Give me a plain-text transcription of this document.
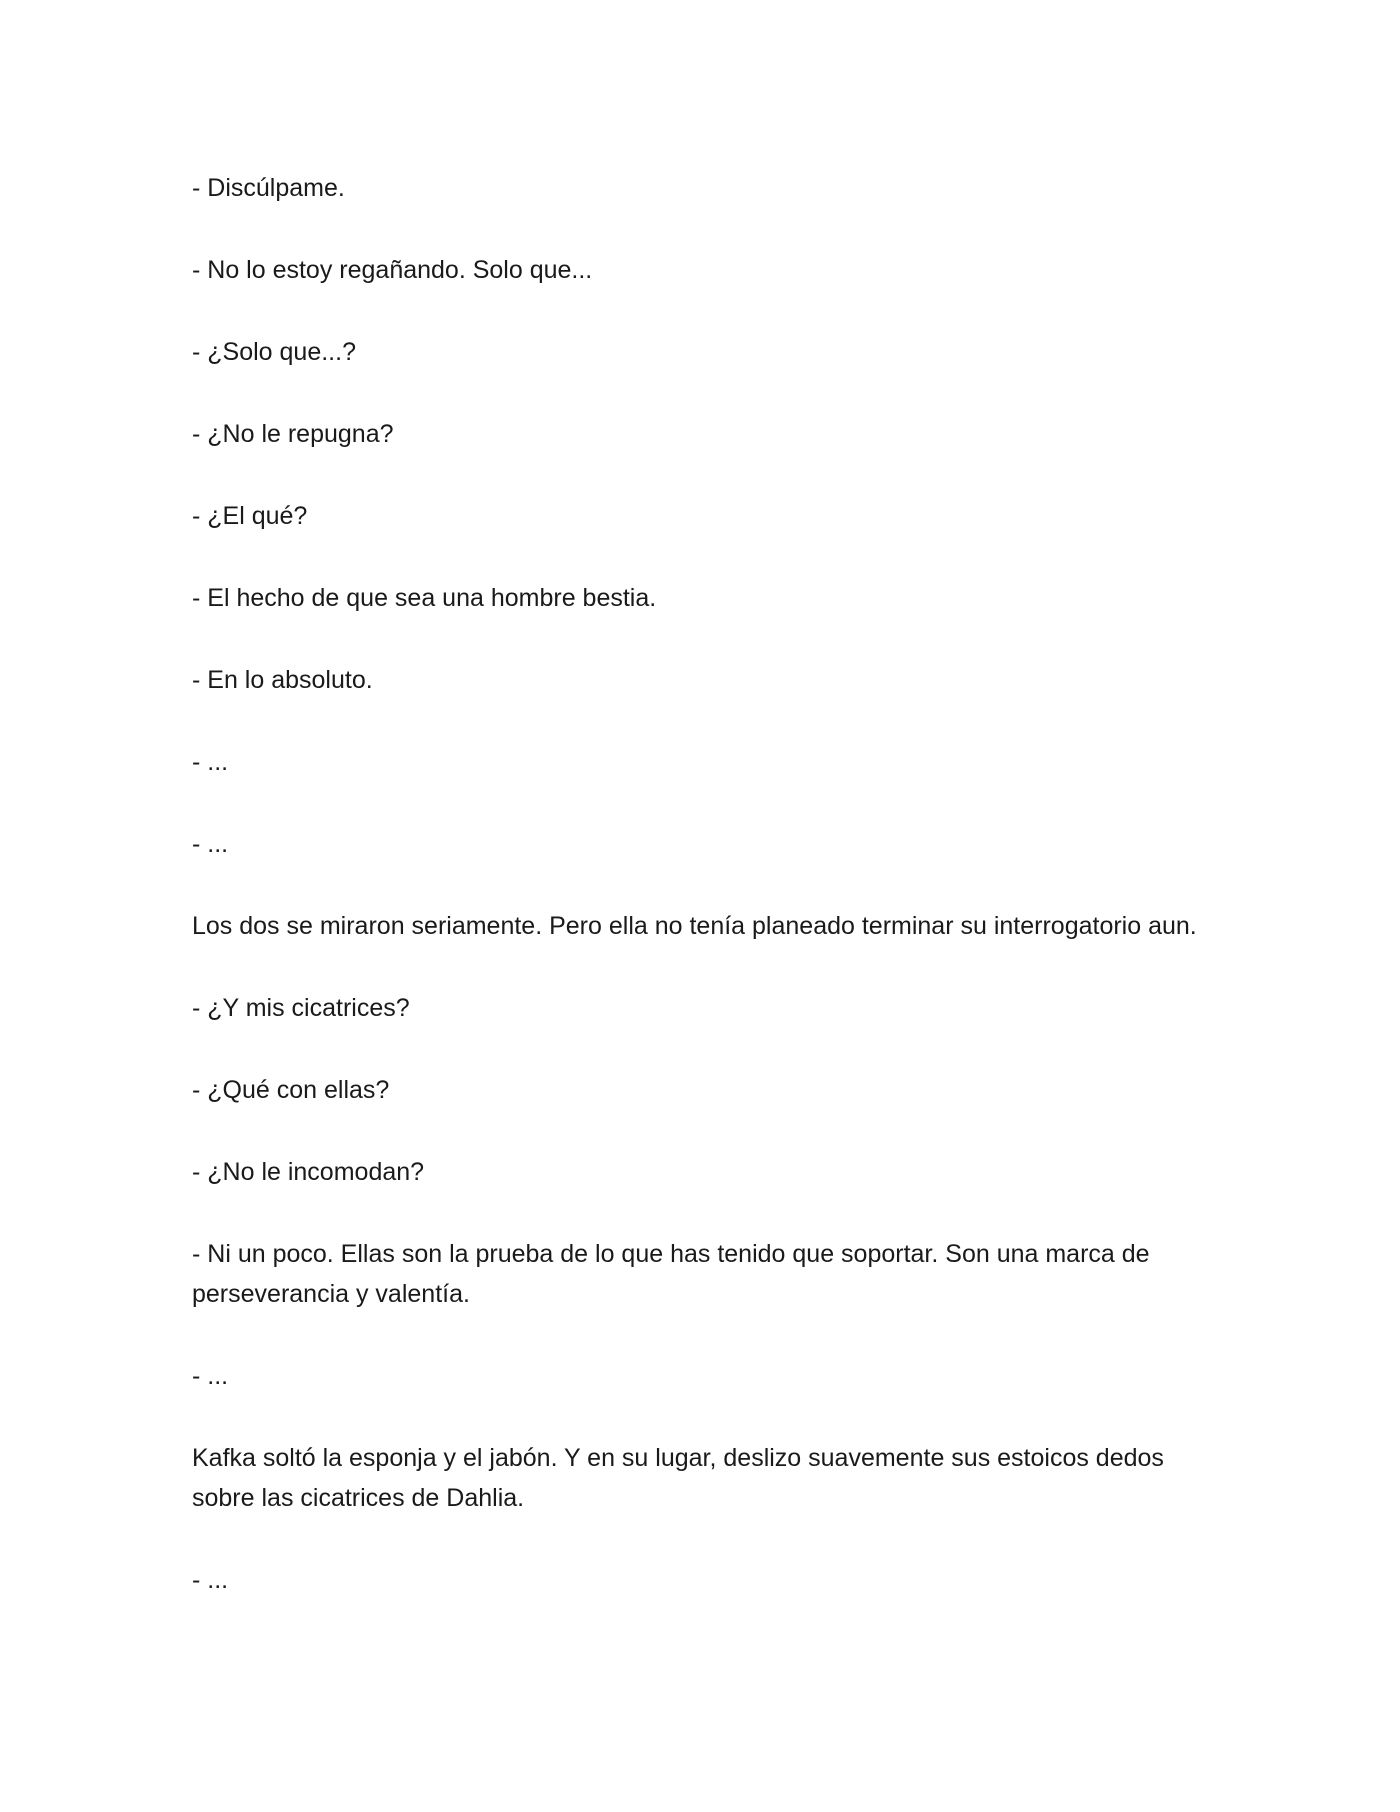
- Discúlpame.

- No lo estoy regañando. Solo que...

- ¿Solo que...?

- ¿No le repugna?

- ¿El qué?

- El hecho de que sea una hombre bestia.

- En lo absoluto.

- ...

- ...

Los dos se miraron seriamente. Pero ella no tenía planeado terminar su interrogatorio aun.

- ¿Y mis cicatrices?

- ¿Qué con ellas?

- ¿No le incomodan?

- Ni un poco. Ellas son la prueba de lo que has tenido que soportar. Son una marca de perseverancia y valentía.

- ...

Kafka soltó la esponja y el jabón. Y en su lugar, deslizo suavemente sus estoicos dedos sobre las cicatrices de Dahlia.

- ...
